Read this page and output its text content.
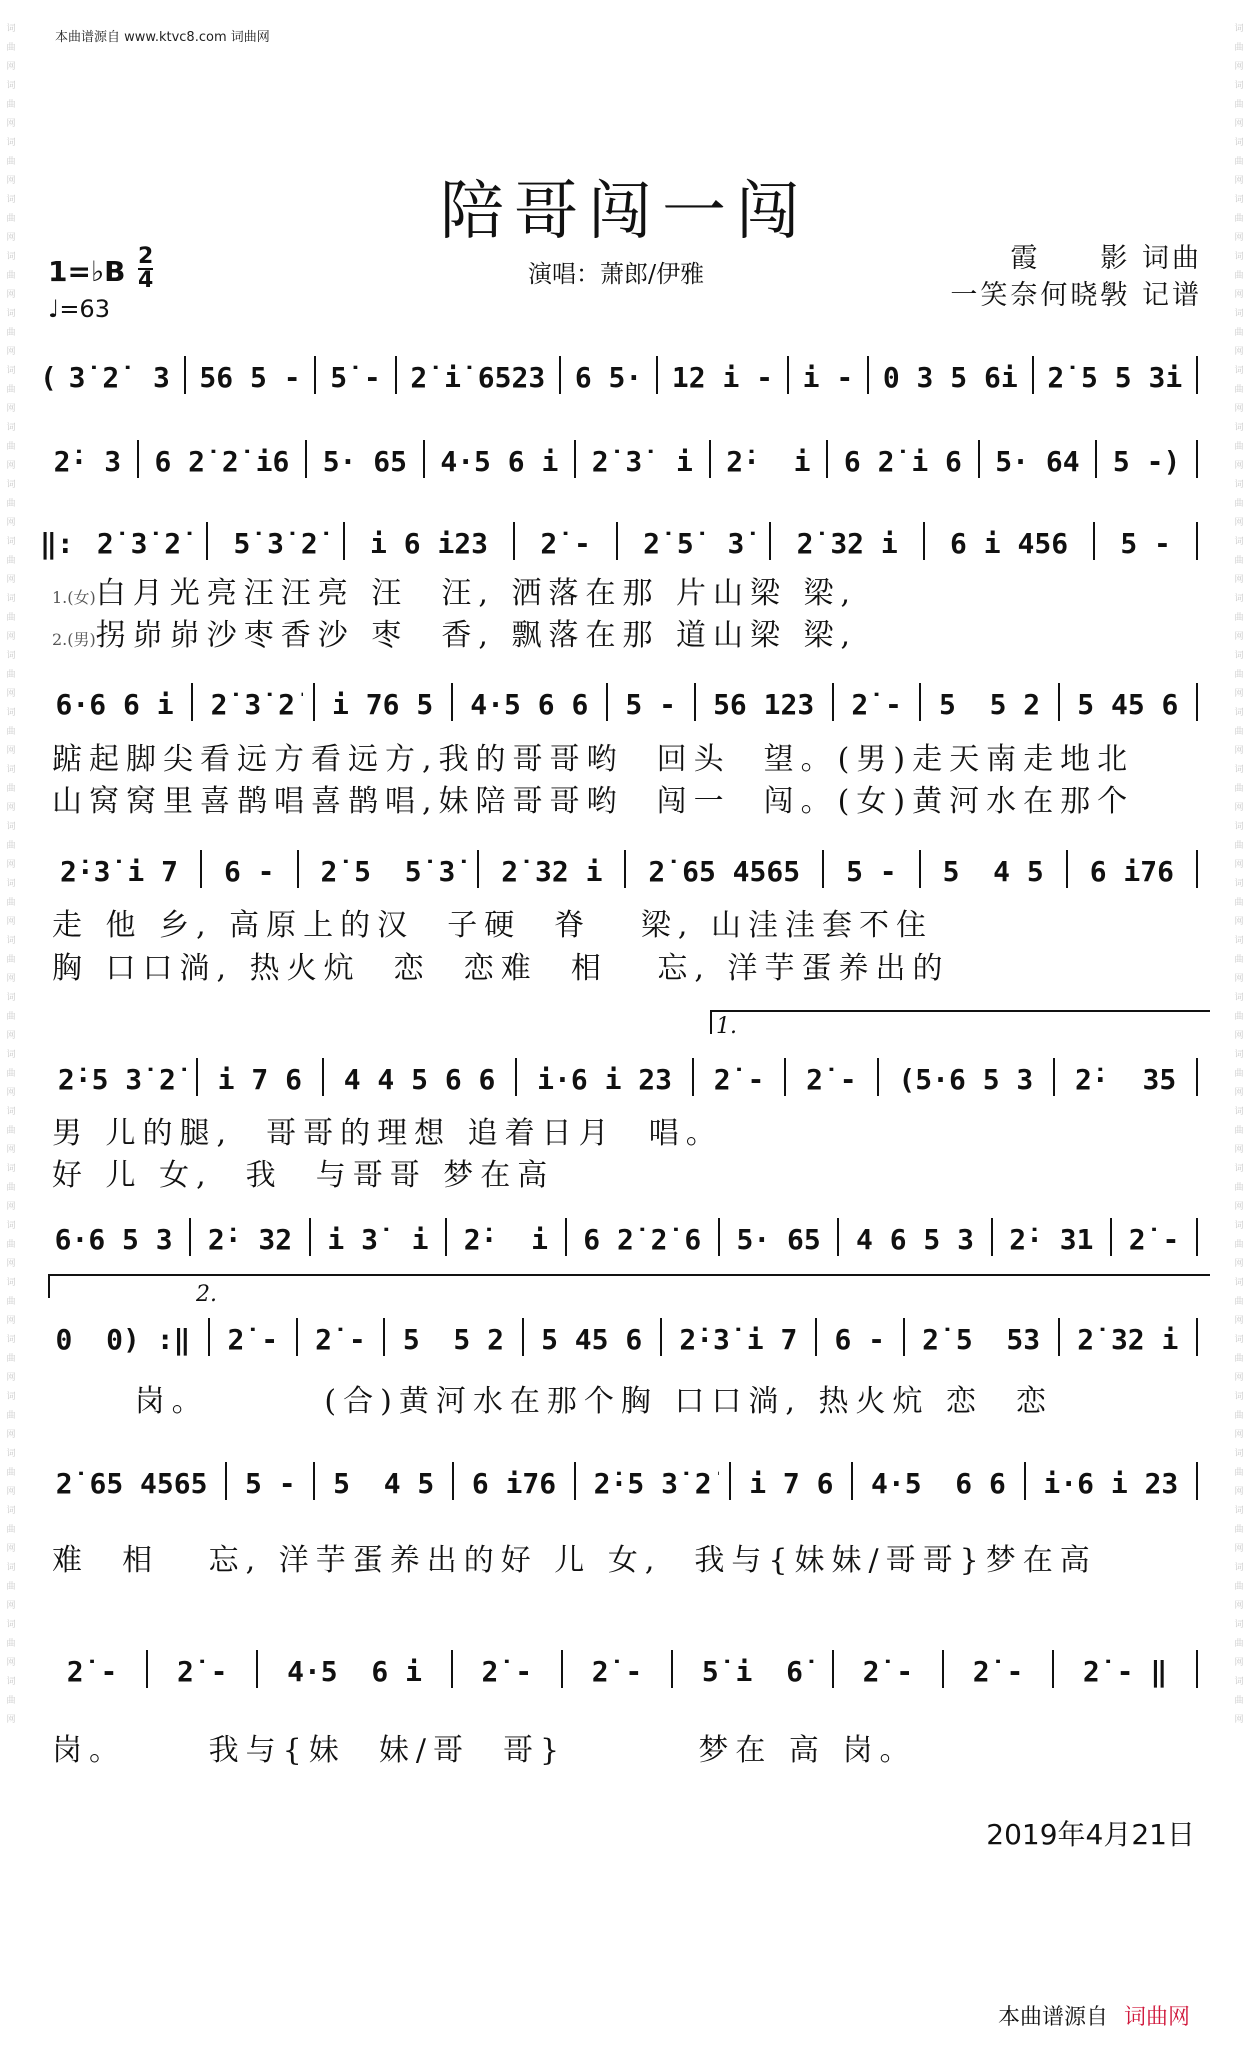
词曲网词曲网词曲网词曲网词曲网词曲网词曲网词曲网词曲网词曲网词曲网词曲网词曲网词曲网词曲网词曲网词曲网词曲网词曲网词曲网词曲网词曲网词曲网词曲网词曲网词曲网词曲网词曲网词曲网词曲网
词曲网词曲网词曲网词曲网词曲网词曲网词曲网词曲网词曲网词曲网词曲网词曲网词曲网词曲网词曲网词曲网词曲网词曲网词曲网词曲网词曲网词曲网词曲网词曲网词曲网词曲网词曲网词曲网词曲网词曲网
本曲谱源自 www.ktvc8.com 词曲网
陪哥闯一闯
1=♭B $\frac{2}{4}$
♩=63
演唱：萧郎/伊雅	霞　　影 词曲
一笑奈何晓斅 记谱
( 3̇ 2̇  3̇ 56 5 - 5̇ - 2̇ i̇ 6523 6 5· 12 i - i - 0 3 5 6i 2̇ 5 5 3i
2̇· 3̇ 6 2̇ 2̇ i6 5· 65 4·5 6 i 2̇ 3̇  i 2̇·  i 6 2̇ i 6 5· 64 5 -)
‖: 2̇ 3̇ 2̇	5̇ 3̇ 2̇	i 6 i23	2̇ -	2̇ 5̇  3̇	2̇ 32 i	6 i 456	5 -
6·6 6 i 2̇ 3̇ 2̇ i 76 5 4·5 6 6 5 - 56 123 2̇ - 5  5 2 5 45 6
2̇·3̇ i 7	6 -	2̇ 5  5̇ 3̇	2̇ 32 i	2̇ 65 4565	5 -	5  4 5	6 i76
2̇·5 3̇ 2̇	i 7 6	4 4 5 6 6	i·6 i 23	2̇ -	2̇ -	(5·6 5 3	2̇·  35
6·6 5 3 2̇· 32 i 3̇  i 2̇·  i 6 2̇ 2̇ 6 5· 65 4 6 5 3 2̇· 31 2̇ -
0  0) :‖ 2̇ - 2̇ - 5  5 2 5 45 6 2̇·3̇ i 7 6 - 2̇ 5  53 2̇ 32 i
2̇ 65 4565 5 - 5  4 5 6 i76 2̇·5 3̇ 2̇ i 7 6 4·5  6 6 i·6 i 23
2̇ -	2̇ -	4·5  6 i	2̇ -	2̇ -	5̇ i  6̇	2̇ -	2̇ -	2̇ - ‖
1.(女)白月光亮汪汪亮 汪  汪, 洒落在那 片山梁 梁,
2.(男)拐峁峁沙枣香沙 枣  香, 飘落在那 道山梁 梁,
踮起脚尖看远方看远方,我的哥哥哟  回头  望。(男)走天南走地北
山窝窝里喜鹊唱喜鹊唱,妹陪哥哥哟  闯一  闯。(女)黄河水在那个
走 他 乡, 高原上的汉  子硬  脊   梁, 山洼洼套不住
胸 口口淌, 热火炕  恋  恋难  相   忘, 洋芋蛋养出的
男 儿的腿,  哥哥的理想 追着日月  唱。
好 儿 女,  我  与哥哥 梦在高
岗。       (合)黄河水在那个胸 口口淌, 热火炕 恋  恋
难  相   忘, 洋芋蛋养出的好 儿 女,  我与{妹妹/哥哥}梦在高
岗。     我与{妹  妹/哥  哥}        梦在 高 岗。
1.
2.
2019年4月21日
本曲谱源自 词曲网
